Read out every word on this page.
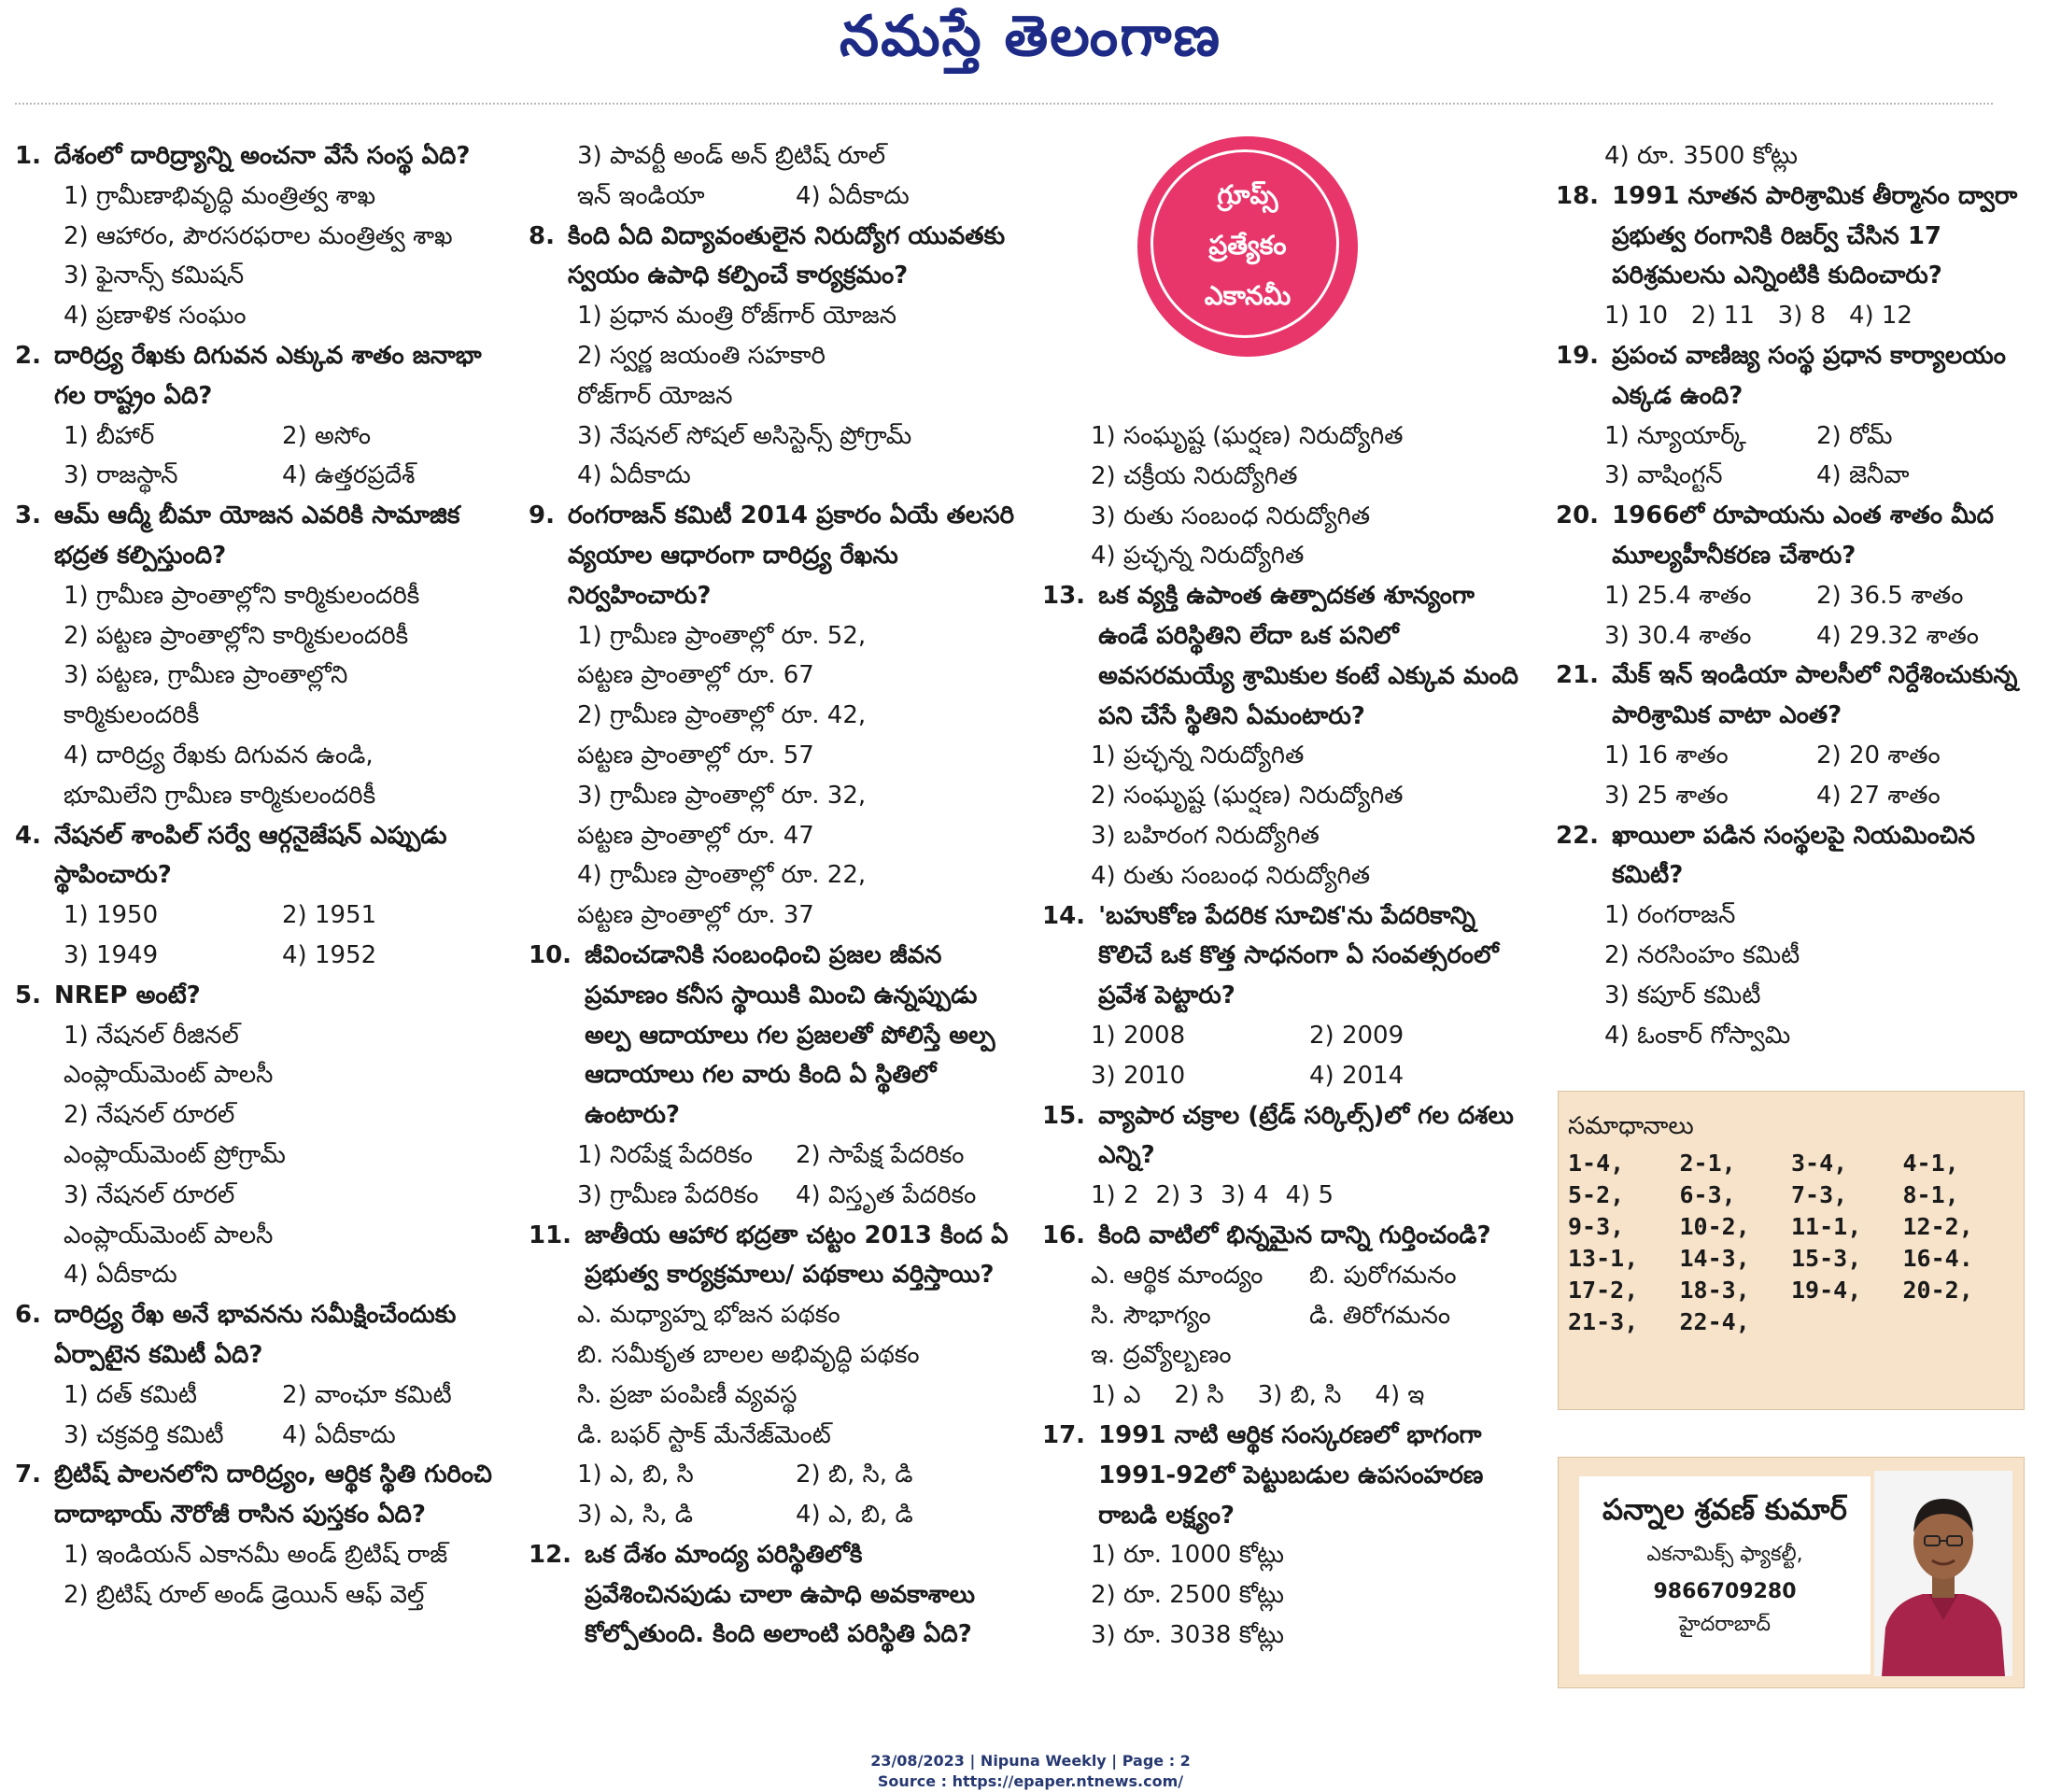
నమస్తే తెలంగాణ
1. దేశంలో దారిద్ర్యాన్ని అంచనా వేసే సంస్థ ఏది?
1) గ్రామీణాభివృద్ధి మంత్రిత్వ శాఖ
2) ఆహారం, పౌరసరఫరాల మంత్రిత్వ శాఖ
3) ఫైనాన్స్ కమిషన్
4) ప్రణాళిక సంఘం
2. దారిద్ర్య రేఖకు దిగువన ఎక్కువ శాతం జనాభా గల రాష్ట్రం ఏది?
1) బీహార్	2) అసోం
3) రాజస్థాన్	4) ఉత్తరప్రదేశ్
3. ఆమ్ ఆద్మీ బీమా యోజన ఎవరికి సామాజిక భద్రత కల్పిస్తుంది?
1) గ్రామీణ ప్రాంతాల్లోని కార్మికులందరికీ
2) పట్టణ ప్రాంతాల్లోని కార్మికులందరికీ
3) పట్టణ, గ్రామీణ ప్రాంతాల్లోని
కార్మికులందరికీ
4) దారిద్ర్య రేఖకు దిగువన ఉండి,
భూమిలేని గ్రామీణ కార్మికులందరికీ
4. నేషనల్ శాంపిల్ సర్వే ఆర్గనైజేషన్ ఎప్పుడు స్థాపించారు?
1) 1950	2) 1951
3) 1949	4) 1952
5. NREP అంటే?
1) నేషనల్ రీజినల్
ఎంప్లాయ్‌మెంట్ పాలసీ
2) నేషనల్ రూరల్
ఎంప్లాయ్‌మెంట్ ప్రోగ్రామ్
3) నేషనల్ రూరల్
ఎంప్లాయ్‌మెంట్ పాలసీ
4) ఏదీకాదు
6. దారిద్ర్య రేఖ అనే భావనను సమీక్షించేందుకు ఏర్పాటైన కమిటీ ఏది?
1) దత్ కమిటీ	2) వాంఛూ కమిటీ
3) చక్రవర్తి కమిటీ	4) ఏదీకాదు
7. బ్రిటిష్ పాలనలోని దారిద్ర్యం, ఆర్థిక స్థితి గురించి దాదాభాయ్ నౌరోజీ రాసిన పుస్తకం ఏది?
1) ఇండియన్ ఎకానమీ అండ్ బ్రిటిష్ రాజ్
2) బ్రిటిష్ రూల్ అండ్ డ్రెయిన్ ఆఫ్ వెల్త్
3) పావర్టీ అండ్ అన్ బ్రిటిష్ రూల్
ఇన్ ఇండియా	4) ఏదీకాదు
8. కింది ఏది విద్యావంతులైన నిరుద్యోగ యువతకు స్వయం ఉపాధి కల్పించే కార్యక్రమం?
1) ప్రధాన మంత్రి రోజ్‌గార్ యోజన
2) స్వర్ణ జయంతి సహకారి
రోజ్‌గార్ యోజన
3) నేషనల్ సోషల్ అసిస్టెన్స్ ప్రోగ్రామ్
4) ఏదీకాదు
9. రంగరాజన్ కమిటీ 2014 ప్రకారం ఏయే తలసరి వ్యయాల ఆధారంగా దారిద్ర్య రేఖను నిర్వహించారు?
1) గ్రామీణ ప్రాంతాల్లో రూ. 52,
పట్టణ ప్రాంతాల్లో రూ. 67
2) గ్రామీణ ప్రాంతాల్లో రూ. 42,
పట్టణ ప్రాంతాల్లో రూ. 57
3) గ్రామీణ ప్రాంతాల్లో రూ. 32,
పట్టణ ప్రాంతాల్లో రూ. 47
4) గ్రామీణ ప్రాంతాల్లో రూ. 22,
పట్టణ ప్రాంతాల్లో రూ. 37
10. జీవించడానికి సంబంధించి ప్రజల జీవన ప్రమాణం కనీస స్థాయికి మించి ఉన్నప్పుడు అల్ప ఆదాయాలు గల ప్రజలతో పోలిస్తే అల్ప ఆదాయాలు గల వారు కింది ఏ స్థితిలో ఉంటారు?
1) నిరపేక్ష పేదరికం	2) సాపేక్ష పేదరికం
3) గ్రామీణ పేదరికం	4) విస్తృత పేదరికం
11. జాతీయ ఆహార భద్రతా చట్టం 2013 కింద ఏ ప్రభుత్వ కార్యక్రమాలు/ పథకాలు వర్తిస్తాయి?
ఎ. మధ్యాహ్న భోజన పథకం
బి. సమీకృత బాలల అభివృద్ధి పథకం
సి. ప్రజా పంపిణీ వ్యవస్థ
డి. బఫర్ స్టాక్ మేనేజ్‌మెంట్
1) ఎ, బి, సి	2) బి, సి, డి
3) ఎ, సి, డి	4) ఎ, బి, డి
12. ఒక దేశం మాంద్య పరిస్థితిలోకి ప్రవేశించినపుడు చాలా ఉపాధి అవకాశాలు కోల్పోతుంది. కింది అలాంటి పరిస్థితి ఏది?
గ్రూప్స్
ప్రత్యేకం
ఎకానమీ
1) సంఘృష్ట (ఘర్షణ) నిరుద్యోగిత
2) చక్రీయ నిరుద్యోగిత
3) రుతు సంబంధ నిరుద్యోగిత
4) ప్రచ్ఛన్న నిరుద్యోగిత
13. ఒక వ్యక్తి ఉపాంత ఉత్పాదకత శూన్యంగా ఉండే పరిస్థితిని లేదా ఒక పనిలో అవసరమయ్యే శ్రామికుల కంటే ఎక్కువ మంది పని చేసే స్థితిని ఏమంటారు?
1) ప్రచ్ఛన్న నిరుద్యోగిత
2) సంఘృష్ట (ఘర్షణ) నిరుద్యోగిత
3) బహిరంగ నిరుద్యోగిత
4) రుతు సంబంధ నిరుద్యోగిత
14. 'బహుకోణ పేదరిక సూచిక'ను పేదరికాన్ని కొలిచే ఒక కొత్త సాధనంగా ఏ సంవత్సరంలో ప్రవేశ పెట్టారు?
1) 2008	2) 2009
3) 2010	4) 2014
15. వ్యాపార చక్రాల (ట్రేడ్ సర్కిల్స్)లో గల దశలు ఎన్ని?
1) 2 2) 3 3) 4 4) 5
16. కింది వాటిలో భిన్నమైన దాన్ని గుర్తించండి?
ఎ. ఆర్థిక మాంద్యం	బి. పురోగమనం
సి. సౌభాగ్యం	డి. తిరోగమనం
ఇ. ద్రవ్యోల్బణం
1) ఎ 2) సి 3) బి, సి 4) ఇ
17. 1991 నాటి ఆర్థిక సంస్కరణలో భాగంగా 1991-92లో పెట్టుబడుల ఉపసంహరణ రాబడి లక్ష్యం?
1) రూ. 1000 కోట్లు
2) రూ. 2500 కోట్లు
3) రూ. 3038 కోట్లు
4) రూ. 3500 కోట్లు
18. 1991 నూతన పారిశ్రామిక తీర్మానం ద్వారా ప్రభుత్వ రంగానికి రిజర్వ్ చేసిన 17 పరిశ్రమలను ఎన్నింటికి కుదించారు?
1) 10   2) 11   3) 8   4) 12
19. ప్రపంచ వాణిజ్య సంస్థ ప్రధాన కార్యాలయం ఎక్కడ ఉంది?
1) న్యూయార్క్	2) రోమ్
3) వాషింగ్టన్	4) జెనీవా
20. 1966లో రూపాయను ఎంత శాతం మీద మూల్యహీనీకరణ చేశారు?
1) 25.4 శాతం	2) 36.5 శాతం
3) 30.4 శాతం	4) 29.32 శాతం
21. మేక్ ఇన్ ఇండియా పాలసీలో నిర్దేశించుకున్న పారిశ్రామిక వాటా ఎంత?
1) 16 శాతం	2) 20 శాతం
3) 25 శాతం	4) 27 శాతం
22. ఖాయిలా పడిన సంస్థలపై నియమించిన కమిటీ?
1) రంగరాజన్
2) నరసింహం కమిటీ
3) కపూర్ కమిటీ
4) ఓంకార్ గోస్వామి
సమాధానాలు
1-4,	2-1,	3-4,	4-1,
5-2,	6-3,	7-3,	8-1,
9-3,	10-2,	11-1,	12-2,
13-1,	14-3,	15-3,	16-4.
17-2,	18-3,	19-4,	20-2,
21-3,	22-4,
పన్నాల శ్రవణ్ కుమార్
ఎకనామిక్స్ ఫ్యాకల్టీ,
9866709280
హైదరాబాద్
23/08/2023 | Nipuna Weekly | Page : 2
Source : https://epaper.ntnews.com/
